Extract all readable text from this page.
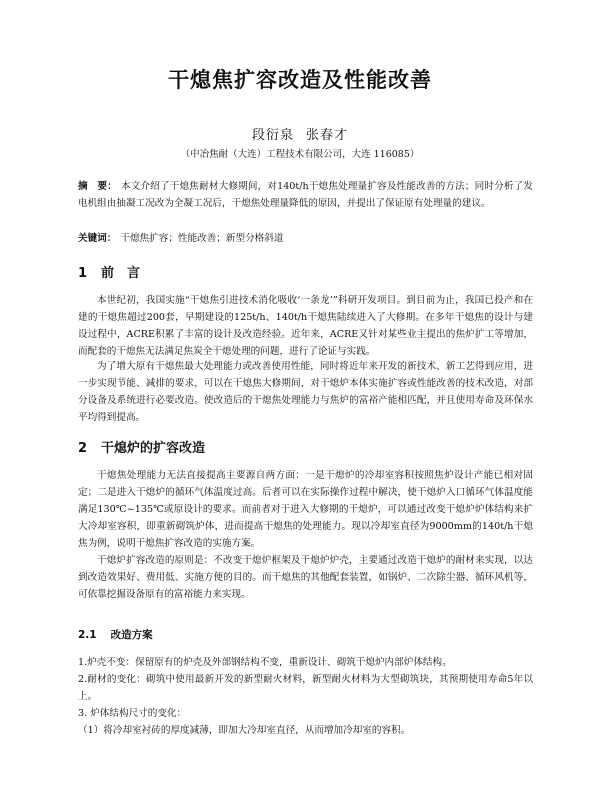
干熄焦扩容改造及性能改善
段衍泉 张春才
（中冶焦耐（大连）工程技术有限公司，大连 116085）

摘　要： 本文介绍了干熄焦耐材大修期间，对140t/h干熄焦处理量扩容及性能改善的方法；同时分析了发电机组由抽凝工况改为全凝工况后，干熄焦处理量降低的原因，并提出了保证原有处理量的建议。

关键词： 干熄焦扩容；性能改善；新型分格斜道

1 前　言

本世纪初，我国实施“干熄焦引进技术消化吸收‘一条龙’”科研开发项目。到目前为止，我国已投产和在建的干熄焦超过200套，早期建设的125t/h、140t/h干熄焦陆续进入了大修期。在多年干熄焦的设计与建设过程中，ACRE积累了丰富的设计及改造经验。近年来，ACRE又针对某些业主提出的焦炉扩工等增加，而配套的干熄焦无法满足焦炭全干熄处理的问题，进行了论证与实践。

为了增大原有干熄焦最大处理能力或改善使用性能，同时将近年来开发的新技术、新工艺得到应用，进一步实现节能、减排的要求，可以在干熄焦大修期间，对干熄炉本体实施扩容或性能改善的技术改造，对部分设备及系统进行必要改造。使改造后的干熄焦处理能力与焦炉的富裕产能相匹配，并且使用寿命及环保水平均得到提高。

2 干熄炉的扩容改造

干熄焦处理能力无法直接提高主要源自两方面：一是干熄炉的冷却室容积按照焦炉设计产能已相对固定；二是进入干熄炉的循环气体温度过高。后者可以在实际操作过程中解决，使干熄炉入口循环气体温度能满足130℃~135℃或原设计的要求。而前者对于进入大修期的干熄炉，可以通过改变干熄炉炉体结构来扩大冷却室容积，即重新砌筑炉体，进而提高干熄焦的处理能力。现以冷却室直径为9000mm的140t/h干熄焦为例，说明干熄焦扩容改造的实施方案。

干熄炉扩容改造的原则是：不改变干熄炉框架及干熄炉炉壳，主要通过改造干熄炉的耐材来实现，以达到改造效果好、费用低、实施方便的目的。而干熄焦的其他配套装置，如锅炉、二次除尘器、循环风机等，可依靠挖掘设备原有的富裕能力来实现。

2.1 改造方案

1.炉壳不变：保留原有的炉壳及外部钢结构不变，重新设计、砌筑干熄炉内部炉体结构。

2.耐材的变化：砌筑中使用最新开发的新型耐火材料，新型耐火材料为大型砌筑块，其预期使用寿命5年以上。

3. 炉体结构尺寸的变化：

（1）将冷却室衬砖的厚度减薄，即加大冷却室直径，从而增加冷却室的容积。
